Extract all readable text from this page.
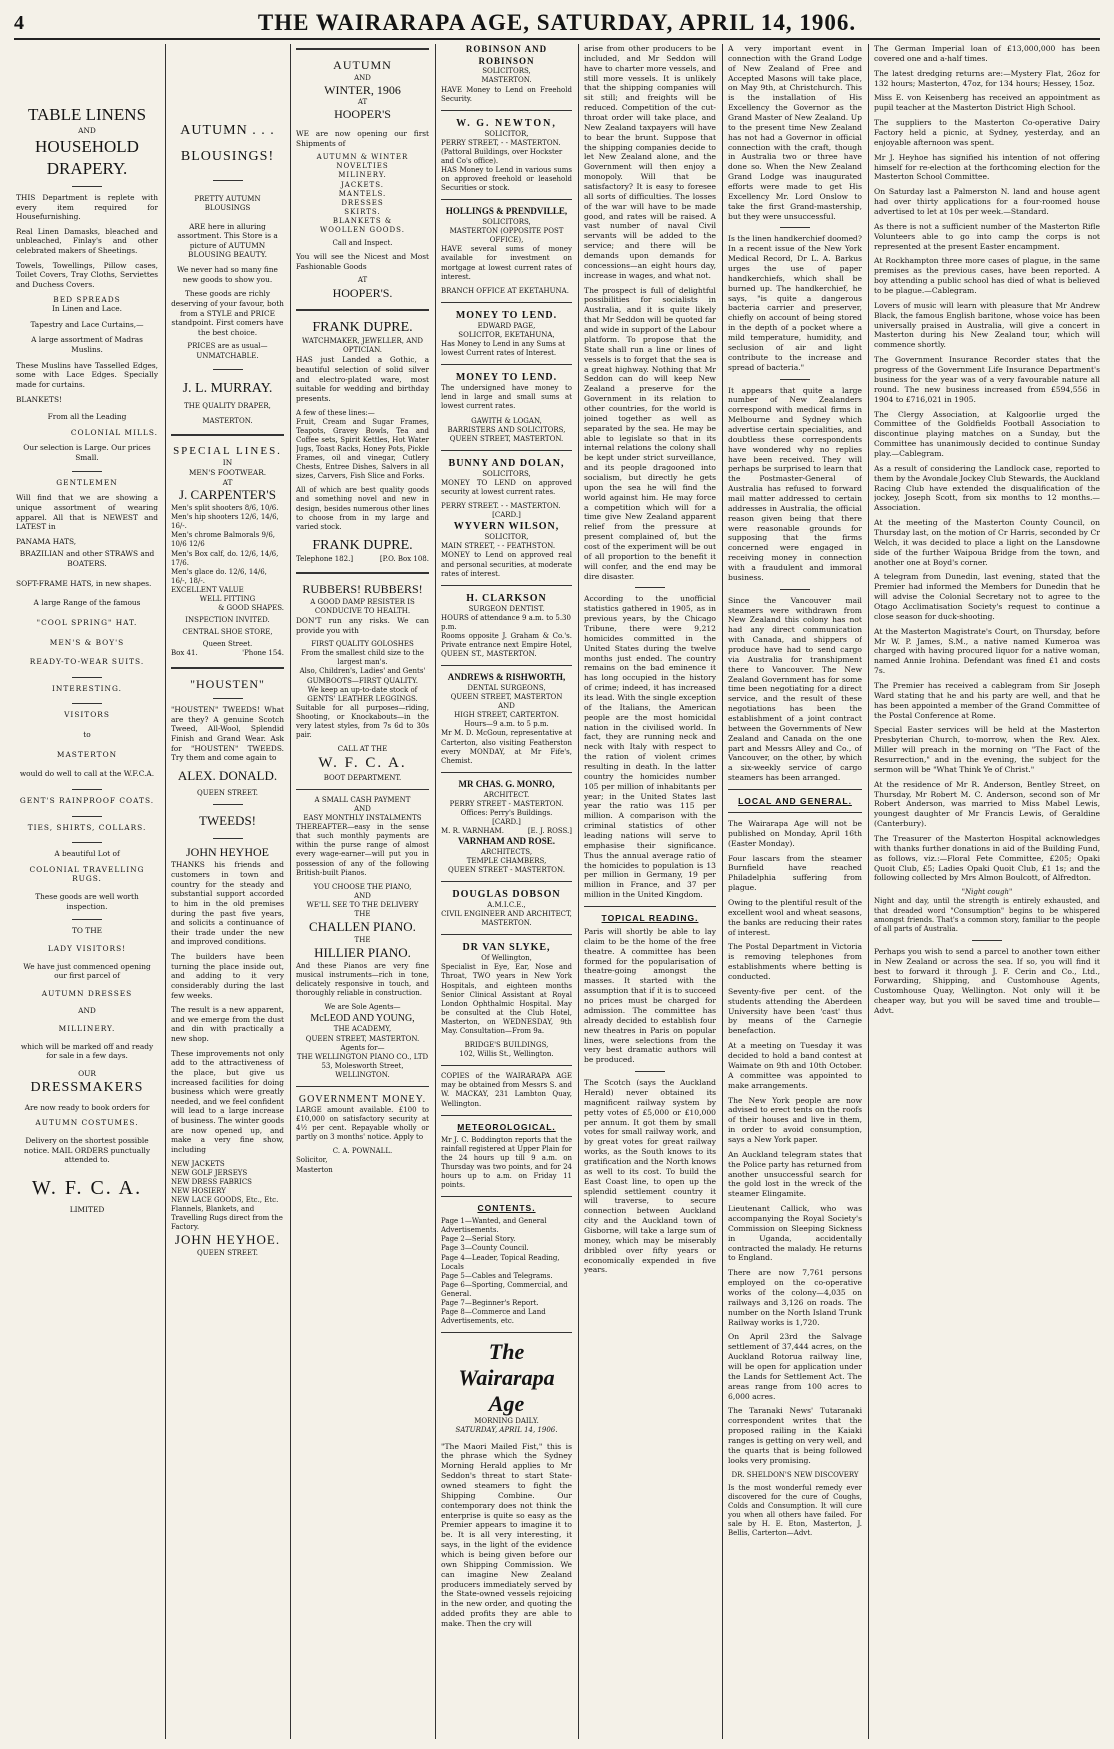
4	THE WAIRARAPA AGE, SATURDAY, APRIL 14, 1906.
TABLE LINENS
AND
HOUSEHOLD
DRAPERY.

THIS Department is replete with every item required for Housefurnishing.

Real Linen Damasks, bleached and unbleached, Finlay's and other celebrated makers of Sheetings.

Towels, Towellings, Pillow cases, Toilet Covers, Tray Cloths, Serviettes and Duchess Covers.

BED SPREADS
In Linen and Lace.
Tapestry and Lace Curtains,—
A large assortment of Madras Muslins.

These Muslins have Tasselled Edges, some with Lace Edges. Specially made for curtains.

BLANKETS!
From all the Leading
COLONIAL MILLS.
Our selection is Large. Our prices Small.
GENTLEMEN

Will find that we are showing a unique assortment of wearing apparel. All that is NEWEST and LATEST in

PANAMA HATS,
BRAZILIAN and other STRAWS and BOATERS.
SOFT-FRAME HATS, in new shapes.
A large Range of the famous
"COOL SPRING" HAT.
MEN'S & BOY'S
READY-TO-WEAR SUITS.
INTERESTING.
VISITORS
to
MASTERTON
would do well to call at the W.F.C.A.
GENT'S RAINPROOF COATS.
TIES, SHIRTS, COLLARS.
A beautiful Lot of
COLONIAL TRAVELLING RUGS.
These goods are well worth inspection.
TO THE
LADY VISITORS!
We have just commenced opening our first parcel of
AUTUMN DRESSES
AND
MILLINERY.
which will be marked off and ready for sale in a few days.
OUR
DRESSMAKERS
Are now ready to book orders for
AUTUMN COSTUMES.
Delivery on the shortest possible notice. MAIL ORDERS punctually attended to.
W. F. C. A.
LIMITED
AUTUMN . . .
BLOUSINGS!
PRETTY AUTUMN BLOUSINGS

ARE here in alluring assortment. This Store is a picture of AUTUMN BLOUSING BEAUTY.

We never had so many fine new goods to show you.

These goods are richly deserving of your favour, both from a STYLE and PRICE standpoint. First comers have the best choice.

PRICES are as usual—UNMATCHABLE.
J. L. MURRAY.
THE QUALITY DRAPER,
MASTERTON.
SPECIAL LINES.
IN
MEN'S FOOTWEAR.
AT
J. CARPENTER'S
Men's split shooters 8/6, 10/6.
Men's hip shooters 12/6, 14/6, 16/-.
Men's chrome Balmorals 9/6, 10/6 12/6
Men's Box calf, do. 12/6, 14/6, 17/6.
Men's glace do. 12/6, 14/6, 16/-, 18/-.
EXCELLENT VALUE
WELL FITTING
& GOOD SHAPES.
INSPECTION INVITED.
CENTRAL SHOE STORE,
Queen Street.
Box 41.	'Phone 154.
"HOUSTEN"

"HOUSTEN" TWEEDS! What are they? A genuine Scotch Tweed, All-Wool, Splendid Finish and Grand Wear. Ask for "HOUSTEN" TWEEDS. Try them and come again to

ALEX. DONALD.
QUEEN STREET.
TWEEDS!
JOHN HEYHOE

THANKS his friends and customers in town and country for the steady and substantial support accorded to him in the old premises during the past five years, and solicits a continuance of their trade under the new and improved conditions.

The builders have been turning the place inside out, and adding to it very considerably during the last few weeks.

The result is a new apparent, and we emerge from the dust and din with practically a new shop.

These improvements not only add to the attractiveness of the place, but give us increased facilities for doing business which were greatly needed, and we feel confident will lead to a large increase of business. The winter goods are now opened up, and make a very fine show, including

NEW JACKETS
NEW GOLF JERSEYS
NEW DRESS FABRICS
NEW HOSIERY
NEW LACE GOODS, Etc., Etc.
Flannels, Blankets, and Travelling Rugs direct from the Factory.
JOHN HEYHOE.
QUEEN STREET.
AUTUMN
AND
WINTER, 1906
AT
HOOPER'S

WE are now opening our first Shipments of

AUTUMN & WINTER
NOVELTIES
MILINERY.
JACKETS.
MANTELS.
DRESSES
SKIRTS.
BLANKETS &
WOOLLEN GOODS.
Call and Inspect.

You will see the Nicest and Most Fashionable Goods

AT
HOOPER'S.
FRANK DUPRE.
WATCHMAKER, JEWELLER, AND OPTICIAN.

HAS just Landed a Gothic, a beautiful selection of solid silver and electro-plated ware, most suitable for wedding and birthday presents.

A few of these lines:—

Fruit, Cream and Sugar Frames, Teapots, Gravey Bowls, Tea and Coffee sets, Spirit Kettles, Hot Water Jugs, Toast Racks, Honey Pots, Pickle Frames, oil and vinegar, Cutlery Chests, Entree Dishes, Salvers in all sizes, Carvers, Fish Slice and Forks.

All of which are best quality goods and something novel and new in design, besides numerous other lines to choose from in my large and varied stock.

FRANK DUPRE.
Telephone 182.]	[P.O. Box 108.
RUBBERS! RUBBERS!
A GOOD DAMP RESISTER IS CONDUCIVE TO HEALTH.

DON'T run any risks. We can provide you with

FIRST QUALITY GOLOSHES
From the smallest child size to the largest man's.
Also, Children's, Ladies' and Gents'
GUMBOOTS—FIRST QUALITY.
We keep an up-to-date stock of
GENTS' LEATHER LEGGINGS.

Suitable for all purposes—riding, Shooting, or Knockabouts—in the very latest styles, from 7s 6d to 30s pair.

CALL AT THE
W. F. C. A.
BOOT DEPARTMENT.
A SMALL CASH PAYMENT
AND
EASY MONTHLY INSTALMENTS

THEREAFTER—easy in the sense that such monthly payments are within the purse range of almost every wage-earner—will put you in possession of any of the following British-built Pianos.

YOU CHOOSE THE PIANO,
AND
WE'LL SEE TO THE DELIVERY
THE
CHALLEN PIANO.
THE
HILLIER PIANO.

And these Pianos are very fine musical instruments—rich in tone, delicately responsive in touch, and thoroughly reliable in construction.

We are Sole Agents—
McLEOD AND YOUNG,
THE ACADEMY,
QUEEN STREET, MASTERTON.
Agents for—
THE WELLINGTON PIANO CO., LTD
53, Molesworth Street,
WELLINGTON.
GOVERNMENT MONEY.

LARGE amount available. £100 to £10,000 on satisfactory security at 4½ per cent. Repayable wholly or partly on 3 months' notice. Apply to

C. A. POWNALL.
Solicitor,
Masterton
ROBINSON AND ROBINSON
SOLICITORS,
MASTERTON.

HAVE Money to Lend on Freehold Security.

W. G. NEWTON,
SOLICITOR,
PERRY STREET, - - MASTERTON.
(Pattoral Buildings, over Hockster and Co's office).

HAS Money to Lend in various sums on approved freehold or leasehold Securities or stock.

HOLLINGS & PRENDVILLE,
SOLICITORS,
MASTERTON (OPPOSITE POST OFFICE),

HAVE several sums of money available for investment on mortgage at lowest current rates of interest.

BRANCH OFFICE AT EKETAHUNA.
MONEY TO LEND.
EDWARD PAGE,
SOLICITOR, EKETAHUNA,
Has Money to Lend in any Sums at lowest Current rates of Interest.
MONEY TO LEND.

The undersigned have money to lend in large and small sums at lowest current rates.

GAWITH & LOGAN,
BARRISTERS AND SOLICITORS,
QUEEN STREET, MASTERTON.
BUNNY AND DOLAN,
SOLICITORS,

MONEY TO LEND on approved security at lowest current rates.

PERRY STREET. - - MASTERTON.
[CARD.]
WYVERN WILSON,
SOLICITOR,
MAIN STREET, - - FEATHSTON.

MONEY to Lend on approved real and personal securities, at moderate rates of interest.

H. CLARKSON
SURGEON DENTIST.
HOURS of attendance 9 a.m. to 5.30 p.m.

Rooms opposite J. Graham & Co.'s. Private entrance next Empire Hotel, QUEEN ST., MASTERTON.

ANDREWS & RISHWORTH,
DENTAL SURGEONS,
QUEEN STREET, MASTERTON
AND
HIGH STREET, CARTERTON.
Hours—9 a.m. to 5 p.m.

Mr M. D. McGoun, representative at Carterton, also visiting Featherston every MONDAY, at Mr Fife's, Chemist.

MR CHAS. G. MONRO,
ARCHITECT.
PERRY STREET - MASTERTON.
Offices: Perry's Buildings.
[CARD.]
M. R. VARNHAM.	[E. J. ROSS.]
VARNHAM AND ROSE.
ARCHITECTS,
TEMPLE CHAMBERS,
QUEEN STREET - MASTERTON.
DOUGLAS DOBSON
A.M.I.C.E.,
CIVIL ENGINEER AND ARCHITECT,
MASTERTON.
DR VAN SLYKE,
Of Wellington,

Specialist in Eye, Ear, Nose and Throat, TWO years in New York Hospitals, and eighteen months Senior Clinical Assistant at Royal London Ophthalmic Hospital. May be consulted at the Club Hotel, Masterton, on WEDNESDAY, 9th May. Consultation—From 9a.

BRIDGE'S BUILDINGS,
102, Willis St., Wellington.

COPIES of the WAIRARAPA AGE may be obtained from Messrs S. and W. MACKAY, 231 Lambton Quay, Wellington.

METEOROLOGICAL.

Mr J. C. Boddington reports that the rainfall registered at Upper Plain for the 24 hours up till 9 a.m. on Thursday was two points, and for 24 hours up to a.m. on Friday 11 points.

CONTENTS.
Page 1—Wanted, and General Advertisements.
Page 2—Serial Story.
Page 3—County Council.
Page 4—Leader, Topical Reading, Locals
Page 5—Cables and Telegrams.
Page 6—Sporting, Commercial, and General.
Page 7—Beginner's Report.
Page 8—Commerce and Land Advertisements, etc.
The Wairarapa Age
MORNING DAILY.
SATURDAY, APRIL 14, 1906.

"The Maori Mailed Fist," this is the phrase which the Sydney Morning Herald applies to Mr Seddon's threat to start State-owned steamers to fight the Shipping Combine. Our contemporary does not think the enterprise is quite so easy as the Premier appears to imagine it to be. It is all very interesting, it says, in the light of the evidence which is being given before our own Shipping Commission. We can imagine New Zealand producers immediately served by the State-owned vessels rejoicing in the new order, and quoting the added profits they are able to make. Then the cry will

arise from other producers to be included, and Mr Seddon will have to charter more vessels, and still more vessels. It is unlikely that the shipping companies will sit still; and freights will be reduced. Competition of the cut-throat order will take place, and New Zealand taxpayers will have to bear the brunt. Suppose that the shipping companies decide to let New Zealand alone, and the Government will then enjoy a monopoly. Will that be satisfactory? It is easy to foresee all sorts of difficulties. The losses of the war will have to be made good, and rates will be raised. A vast number of naval Civil servants will be added to the service; and there will be demands upon demands for concessions—an eight hours day, increase in wages, and what not.

The prospect is full of delightful possibilities for socialists in Australia, and it is quite likely that Mr Seddon will be quoted far and wide in support of the Labour platform. To propose that the State shall run a line or lines of vessels is to forget that the sea is a great highway. Nothing that Mr Seddon can do will keep New Zealand a preserve for the Government in its relation to other countries, for the world is joined together as well as separated by the sea. He may be able to legislate so that in its internal relations the colony shall be kept under strict surveillance, and its people dragooned into socialism, but directly he gets upon the sea he will find the world against him. He may force a competition which will for a time give New Zealand apparent relief from the pressure at present complained of, but the cost of the experiment will be out of all proportion to the benefit it will confer, and the end may be dire disaster.

According to the unofficial statistics gathered in 1905, as in previous years, by the Chicago Tribune, there were 9,212 homicides committed in the United States during the twelve months just ended. The country remains on the bad eminence it has long occupied in the history of crime; indeed, it has increased its lead. With the single exception of the Italians, the American people are the most homicidal nation in the civilised world. In fact, they are running neck and neck with Italy with respect to the ration of violent crimes resulting in death. In the latter country the homicides number 105 per million of inhabitants per year; in the United States last year the ratio was 115 per million. A comparison with the criminal statistics of other leading nations will serve to emphasise their significance. Thus the annual average ratio of the homicides to population is 13 per million in Germany, 19 per million in France, and 37 per million in the United Kingdom.

TOPICAL READING.

Paris will shortly be able to lay claim to be the home of the free theatre. A committee has been formed for the popularisation of theatre-going amongst the masses. It started with the assumption that if it is to succeed no prices must be charged for admission. The committee has already decided to establish four new theatres in Paris on popular lines, were selections from the very best dramatic authors will be produced.

The Scotch (says the Auckland Herald) never obtained its magnificent railway system by petty votes of £5,000 or £10,000 per annum. It got them by small votes for small railway work, and by great votes for great railway works, as the South knows to its gratification and the North knows as well to its cost. To build the East Coast line, to open up the splendid settlement country it will traverse, to secure connection between Auckland city and the Auckland town of Gisborne, will take a large sum of money, which may be miserably dribbled over fifty years or economically expended in five years.

A very important event in connection with the Grand Lodge of New Zealand of Free and Accepted Masons will take place, on May 9th, at Christchurch. This is the installation of His Excellency the Governor as the Grand Master of New Zealand. Up to the present time New Zealand has not had a Governor in official connection with the craft, though in Australia two or three have done so. When the New Zealand Grand Lodge was inaugurated efforts were made to get His Excellency Mr. Lord Onslow to take the first Grand-mastership, but they were unsuccessful.

Is the linen handkerchief doomed? In a recent issue of the New York Medical Record, Dr L. A. Barkus urges the use of paper handkerchiefs, which shall be burned up. The handkerchief, he says, "is quite a dangerous bacteria carrier and preserver, chiefly on account of being stored in the depth of a pocket where a mild temperature, humidity, and seclusion of air and light contribute to the increase and spread of bacteria."

It appears that quite a large number of New Zealanders correspond with medical firms in Melbourne and Sydney which advertise certain specialities, and doubtless these correspondents have wondered why no replies have been received. They will perhaps be surprised to learn that the Postmaster-General of Australia has refused to forward mail matter addressed to certain addresses in Australia, the official reason given being that there were reasonable grounds for supposing that the firms concerned were engaged in receiving money in connection with a fraudulent and immoral business.

Since the Vancouver mail steamers were withdrawn from New Zealand this colony has not had any direct communication with Canada, and shippers of produce have had to send cargo via Australia for transhipment there to Vancouver. The New Zealand Government has for some time been negotiating for a direct service, and the result of these negotiations has been the establishment of a joint contract between the Governments of New Zealand and Canada on the one part and Messrs Alley and Co., of Vancouver, on the other, by which a six-weekly service of cargo steamers has been arranged.

LOCAL AND GENERAL.

The Wairarapa Age will not be published on Monday, April 16th (Easter Monday).

Four lascars from the steamer Burnfield have reached Philadelphia suffering from plague.

Owing to the plentiful result of the excellent wool and wheat seasons, the banks are reducing their rates of interest.

The Postal Department in Victoria is removing telephones from establishments where betting is conducted.

Seventy-five per cent. of the students attending the Aberdeen University have been 'cast' thus by means of the Carnegie benefaction.

At a meeting on Tuesday it was decided to hold a band contest at Waimate on 9th and 10th October. A committee was appointed to make arrangements.

The New York people are now advised to erect tents on the roofs of their houses and live in them, in order to avoid consumption, says a New York paper.

An Auckland telegram states that the Police party has returned from another unsuccessful search for the gold lost in the wreck of the steamer Elingamite.

Lieutenant Callick, who was accompanying the Royal Society's Commission on Sleeping Sickness in Uganda, accidentally contracted the malady. He returns to England.

There are now 7,761 persons employed on the co-operative works of the colony—4,035 on railways and 3,126 on roads. The number on the North Island Trunk Railway works is 1,720.

On April 23rd the Salvage settlement of 37,444 acres, on the Auckland Rotorua railway line, will be open for application under the Lands for Settlement Act. The areas range from 100 acres to 6,000 acres.

The Taranaki News' Tutaranaki correspondent writes that the proposed railing in the Kaiaki ranges is getting on very well, and the quarts that is being followed looks very promising.

DR. SHELDON'S NEW DISCOVERY

Is the most wonderful remedy ever discovered for the cure of Coughs, Colds and Consumption. It will cure you when all others have failed. For sale by H. E. Eton, Masterton, J. Bellis, Carterton—Advt.

The German Imperial loan of £13,000,000 has been covered one and a-half times.

The latest dredging returns are:—Mystery Flat, 26oz for 132 hours; Masterton, 47oz, for 134 hours; Hessey, 15oz.

Miss E. von Keisenberg has received an appointment as pupil teacher at the Masterton District High School.

The suppliers to the Masterton Co-operative Dairy Factory held a picnic, at Sydney, yesterday, and an enjoyable afternoon was spent.

Mr J. Heyhoe has signified his intention of not offering himself for re-election at the forthcoming election for the Masterton School Committee.

On Saturday last a Palmerston N. land and house agent had over thirty applications for a four-roomed house advertised to let at 10s per week.—Standard.

As there is not a sufficient number of the Masterton Rifle Volunteers able to go into camp the corps is not represented at the present Easter encampment.

At Rockhampton three more cases of plague, in the same premises as the previous cases, have been reported. A boy attending a public school has died of what is believed to be plague.—Cablegram.

Lovers of music will learn with pleasure that Mr Andrew Black, the famous English baritone, whose voice has been universally praised in Australia, will give a concert in Masterton during his New Zealand tour, which will commence shortly.

The Government Insurance Recorder states that the progress of the Government Life Insurance Department's business for the year was of a very favourable nature all round. The new business increased from £594,556 in 1904 to £716,021 in 1905.

The Clergy Association, at Kalgoorlie urged the Committee of the Goldfields Football Association to discontinue playing matches on a Sunday, but the Committee has unanimously decided to continue Sunday play.—Cablegram.

As a result of considering the Landlock case, reported to them by the Avondale Jockey Club Stewards, the Auckland Racing Club have extended the disqualification of the jockey, Joseph Scott, from six months to 12 months.—Association.

At the meeting of the Masterton County Council, on Thursday last, on the motion of Cr Harris, seconded by Cr Welch, it was decided to place a light on the Lansdowne side of the further Waipoua Bridge from the town, and another one at Boyd's corner.

A telegram from Dunedin, last evening, stated that the Premier had informed the Members for Dunedin that he will advise the Colonial Secretary not to agree to the Otago Acclimatisation Society's request to continue a close season for duck-shooting.

At the Masterton Magistrate's Court, on Thursday, before Mr W. P. James, S.M., a native named Kumeroa was charged with having procured liquor for a native woman, named Annie Irohina. Defendant was fined £1 and costs 7s.

The Premier has received a cablegram from Sir Joseph Ward stating that he and his party are well, and that he has been appointed a member of the Grand Committee of the Postal Conference at Rome.

Special Easter services will be held at the Masterton Presbyterian Church, to-morrow, when the Rev. Alex. Miller will preach in the morning on "The Fact of the Resurrection," and in the evening, the subject for the sermon will be "What Think Ye of Christ."

At the residence of Mr R. Anderson, Bentley Street, on Thursday, Mr Robert M. C. Anderson, second son of Mr Robert Anderson, was married to Miss Mabel Lewis, youngest daughter of Mr Francis Lewis, of Geraldine (Canterbury).

The Treasurer of the Masterton Hospital acknowledges with thanks further donations in aid of the Building Fund, as follows, viz.:—Floral Fete Committee, £205; Opaki Quoit Club, £5; Ladies Opaki Quoit Club, £1 1s; and the following collected by Mrs Almon Boulcott, of Alfredton.

"Night cough"

Night and day, until the strength is entirely exhausted, and that dreaded word "Consumption" begins to be whispered amongst friends. That's a common story, familiar to the people of all parts of Australia.

Perhaps you wish to send a parcel to another town either in New Zealand or across the sea. If so, you will find it best to forward it through J. F. Cerin and Co., Ltd., Forwarding, Shipping, and Customhouse Agents, Customhouse Quay, Wellington. Not only will it be cheaper way, but you will be saved time and trouble—Advt.
